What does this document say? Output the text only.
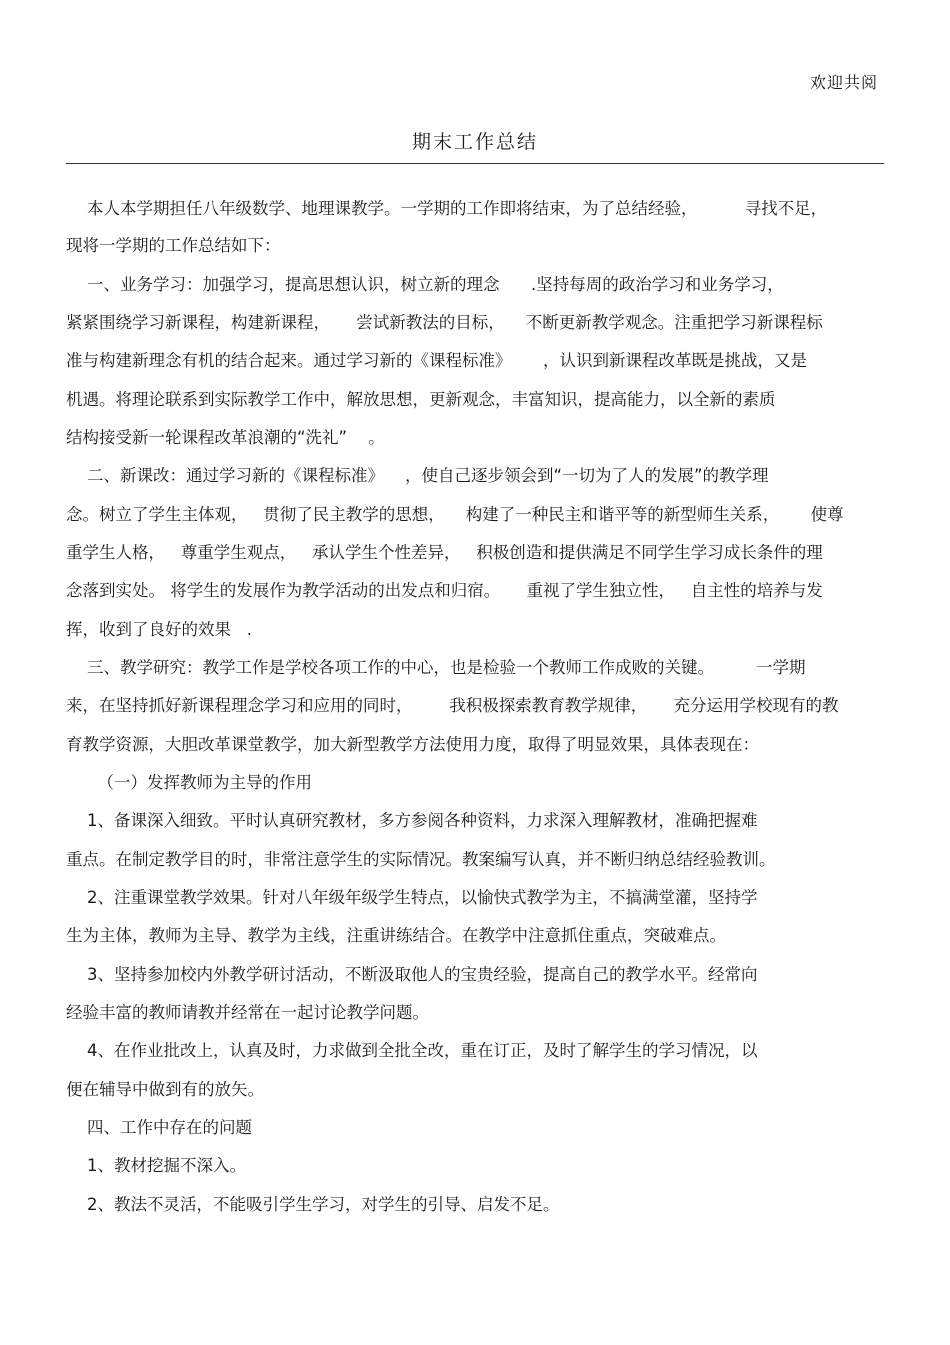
欢迎共阅
期末工作总结
本人本学期担任八年级数学、地理课教学。一学期的工作即将结束，为了总结经验，         寻找不足，
现将一学期的工作总结如下：
一、业务学习：加强学习，提高思想认识，树立新的理念      .坚持每周的政治学习和业务学习，
紧紧围绕学习新课程，构建新课程，     尝试新教法的目标，    不断更新教学观念。注重把学习新课程标
准与构建新理念有机的结合起来。通过学习新的《课程标准》      ，认识到新课程改革既是挑战，又是
机遇。将理论联系到实际教学工作中，解放思想，更新观念，丰富知识，提高能力，以全新的素质
结构接受新一轮课程改革浪潮的“洗礼”    。
二、新课改：通过学习新的《课程标准》    ，使自己逐步领会到“一切为了人的发展”的教学理
念。树立了学生主体观，   贯彻了民主教学的思想，    构建了一种民主和谐平等的新型师生关系，      使尊
重学生人格，   尊重学生观点，   承认学生个性差异，   积极创造和提供满足不同学生学习成长条件的理
念落到实处。 将学生的发展作为教学活动的出发点和归宿。     重视了学生独立性，   自主性的培养与发
挥，收到了良好的效果   .
三、教学研究：教学工作是学校各项工作的中心，也是检验一个教师工作成败的关键。        一学期
来，在坚持抓好新课程理念学习和应用的同时，       我积极探索教育教学规律，     充分运用学校现有的教
育教学资源，大胆改革课堂教学，加大新型教学方法使用力度，取得了明显效果，具体表现在：
（一）发挥教师为主导的作用
1、备课深入细致。平时认真研究教材，多方参阅各种资料，力求深入理解教材，准确把握难
重点。在制定教学目的时，非常注意学生的实际情况。教案编写认真，并不断归纳总结经验教训。
2、注重课堂教学效果。针对八年级年级学生特点，以愉快式教学为主，不搞满堂灌，坚持学
生为主体，教师为主导、教学为主线，注重讲练结合。在教学中注意抓住重点，突破难点。
3、坚持参加校内外教学研讨活动，不断汲取他人的宝贵经验，提高自己的教学水平。经常向
经验丰富的教师请教并经常在一起讨论教学问题。
4、在作业批改上，认真及时，力求做到全批全改，重在订正，及时了解学生的学习情况，以
便在辅导中做到有的放矢。
四、工作中存在的问题
1、教材挖掘不深入。
2、教法不灵活，不能吸引学生学习，对学生的引导、启发不足。
